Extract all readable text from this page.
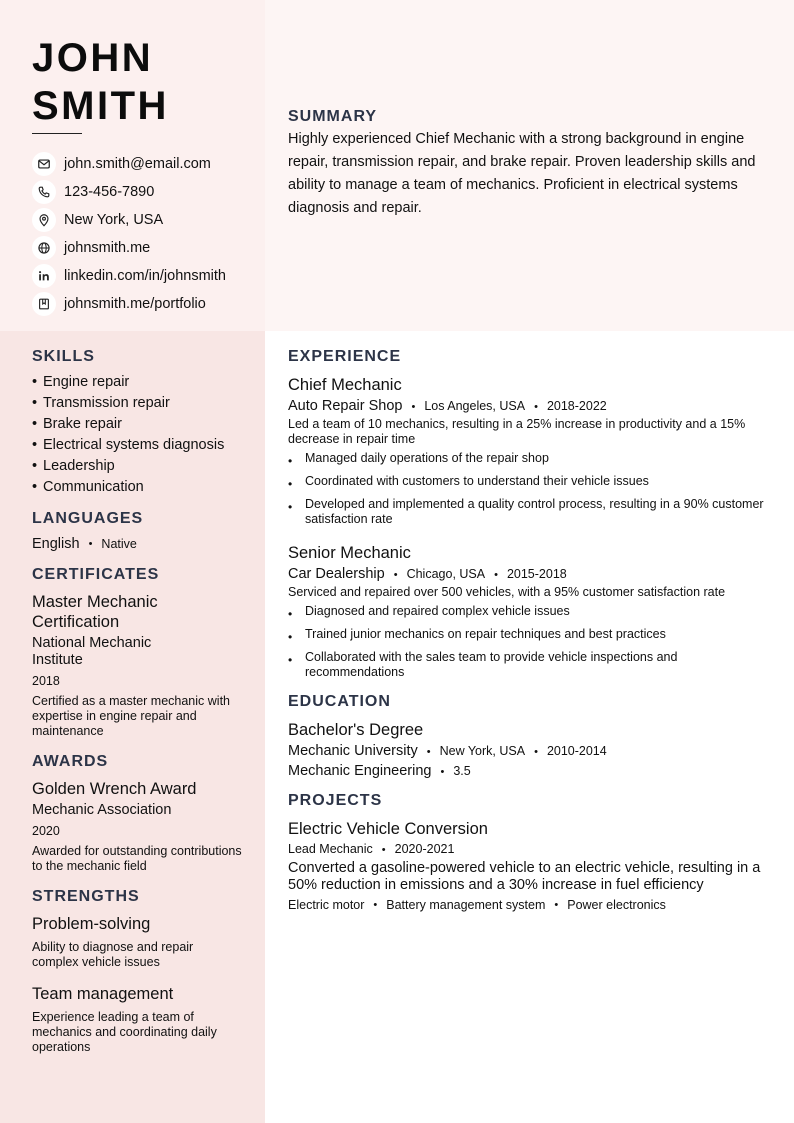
JOHN
SMITH
john.smith@email.com
123-456-7890
New York, USA
johnsmith.me
linkedin.com/in/johnsmith
johnsmith.me/portfolio
SUMMARY

Highly experienced Chief Mechanic with a strong background in engine repair, transmission repair, and brake repair. Proven leadership skills and ability to manage a team of mechanics. Proficient in electrical systems diagnosis and repair.

SKILLS
• Engine repair
• Transmission repair
• Brake repair
• Electrical systems diagnosis
• Leadership
• Communication
LANGUAGES
English • Native
CERTIFICATES
Master Mechanic Certification
National Mechanic Institute
2018
Certified as a master mechanic with expertise in engine repair and maintenance
AWARDS
Golden Wrench Award
Mechanic Association
2020
Awarded for outstanding contributions to the mechanic field
STRENGTHS
Problem-solving
Ability to diagnose and repair complex vehicle issues
Team management
Experience leading a team of mechanics and coordinating daily operations
EXPERIENCE
Chief Mechanic
Auto Repair Shop • Los Angeles, USA • 2018-2022
Led a team of 10 mechanics, resulting in a 25% increase in productivity and a 15% decrease in repair time
•	Managed daily operations of the repair shop
•	Coordinated with customers to understand their vehicle issues
•	Developed and implemented a quality control process, resulting in a 90% customer satisfaction rate
Senior Mechanic
Car Dealership • Chicago, USA • 2015-2018
Serviced and repaired over 500 vehicles, with a 95% customer satisfaction rate
•	Diagnosed and repaired complex vehicle issues
•	Trained junior mechanics on repair techniques and best practices
•	Collaborated with the sales team to provide vehicle inspections and recommendations
EDUCATION
Bachelor's Degree
Mechanic University • New York, USA • 2010-2014
Mechanic Engineering • 3.5
PROJECTS
Electric Vehicle Conversion
Lead Mechanic • 2020-2021
Converted a gasoline-powered vehicle to an electric vehicle, resulting in a 50% reduction in emissions and a 30% increase in fuel efficiency
Electric motor • Battery management system • Power electronics
